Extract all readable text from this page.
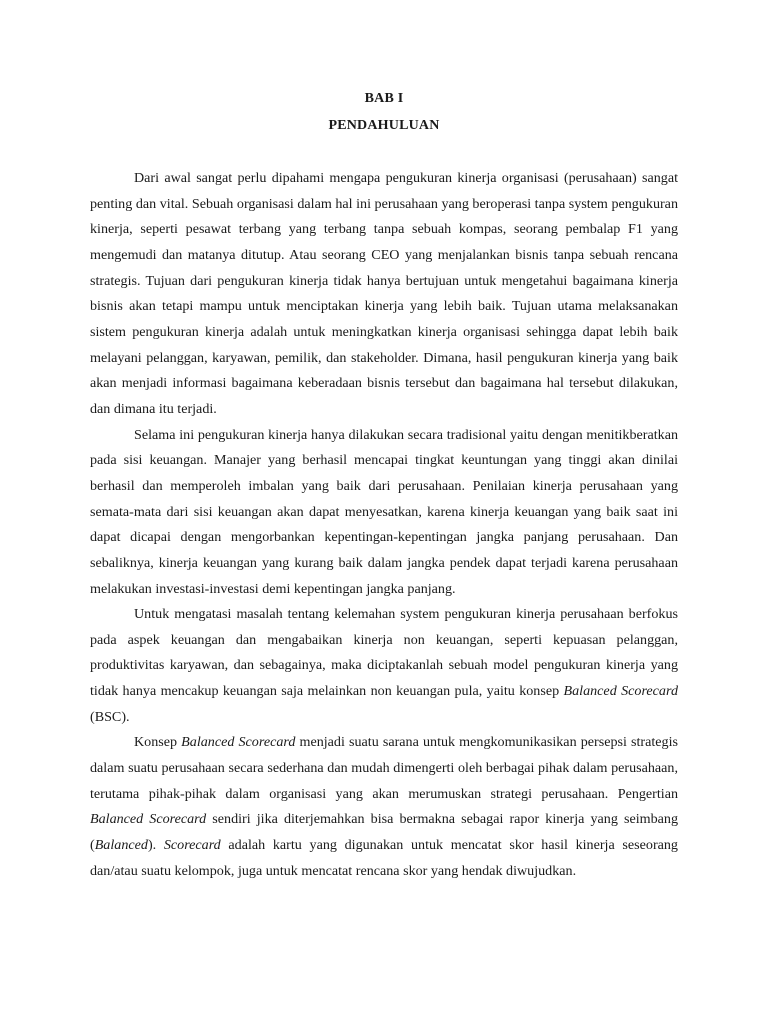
BAB I
PENDAHULUAN

Dari awal sangat perlu dipahami mengapa pengukuran kinerja organisasi (perusahaan) sangat penting dan vital. Sebuah organisasi dalam hal ini perusahaan yang beroperasi tanpa system pengukuran kinerja, seperti pesawat terbang yang terbang tanpa sebuah kompas, seorang pembalap F1 yang mengemudi dan matanya ditutup. Atau seorang CEO yang menjalankan bisnis tanpa sebuah rencana strategis. Tujuan dari pengukuran kinerja tidak hanya bertujuan untuk mengetahui bagaimana kinerja bisnis akan tetapi mampu untuk menciptakan kinerja yang lebih baik. Tujuan utama melaksanakan sistem pengukuran kinerja adalah untuk meningkatkan kinerja organisasi sehingga dapat lebih baik melayani pelanggan, karyawan, pemilik, dan stakeholder. Dimana, hasil pengukuran kinerja yang baik akan menjadi informasi bagaimana keberadaan bisnis tersebut dan bagaimana hal tersebut dilakukan, dan dimana itu terjadi.

Selama ini pengukuran kinerja hanya dilakukan secara tradisional yaitu dengan menitikberatkan pada sisi keuangan. Manajer yang berhasil mencapai tingkat keuntungan yang tinggi akan dinilai berhasil dan memperoleh imbalan yang baik dari perusahaan. Penilaian kinerja perusahaan yang semata-mata dari sisi keuangan akan dapat menyesatkan, karena kinerja keuangan yang baik saat ini dapat dicapai dengan mengorbankan kepentingan-kepentingan jangka panjang perusahaan. Dan sebaliknya, kinerja keuangan yang kurang baik dalam jangka pendek dapat terjadi karena perusahaan melakukan investasi-investasi demi kepentingan jangka panjang.

Untuk mengatasi masalah tentang kelemahan system pengukuran kinerja perusahaan berfokus pada aspek keuangan dan mengabaikan kinerja non keuangan, seperti kepuasan pelanggan, produktivitas karyawan, dan sebagainya, maka diciptakanlah sebuah model pengukuran kinerja yang tidak hanya mencakup keuangan saja melainkan non keuangan pula, yaitu konsep Balanced Scorecard (BSC).

Konsep Balanced Scorecard menjadi suatu sarana untuk mengkomunikasikan persepsi strategis dalam suatu perusahaan secara sederhana dan mudah dimengerti oleh berbagai pihak dalam perusahaan, terutama pihak-pihak dalam organisasi yang akan merumuskan strategi perusahaan. Pengertian Balanced Scorecard sendiri jika diterjemahkan bisa bermakna sebagai rapor kinerja yang seimbang (Balanced). Scorecard adalah kartu yang digunakan untuk mencatat skor hasil kinerja seseorang dan/atau suatu kelompok, juga untuk mencatat rencana skor yang hendak diwujudkan.
